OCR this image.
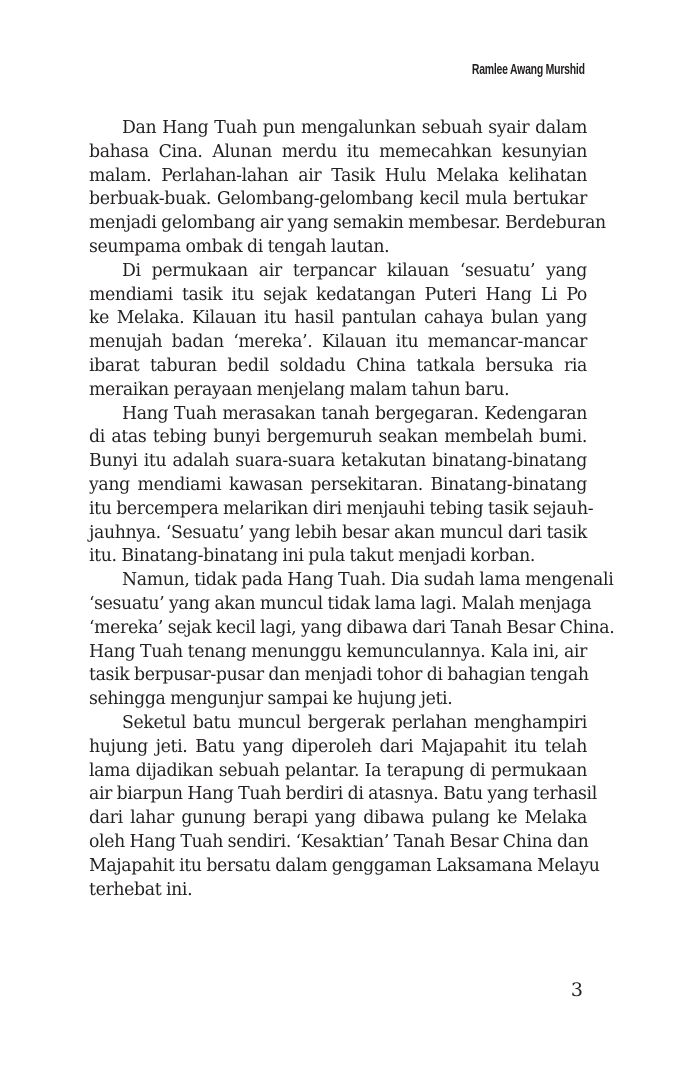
Ramlee Awang Murshid
Dan Hang Tuah pun mengalunkan sebuah syair dalam
bahasa Cina. Alunan merdu itu memecahkan kesunyian
malam. Perlahan-lahan air Tasik Hulu Melaka kelihatan
berbuak-buak. Gelombang-gelombang kecil mula bertukar
menjadi gelombang air yang semakin membesar. Berdeburan
seumpama ombak di tengah lautan.
Di permukaan air terpancar kilauan ‘sesuatu’ yang
mendiami tasik itu sejak kedatangan Puteri Hang Li Po
ke Melaka. Kilauan itu hasil pantulan cahaya bulan yang
menujah badan ‘mereka’. Kilauan itu memancar-mancar
ibarat taburan bedil soldadu China tatkala bersuka ria
meraikan perayaan menjelang malam tahun baru.
Hang Tuah merasakan tanah bergegaran. Kedengaran
di atas tebing bunyi bergemuruh seakan membelah bumi.
Bunyi itu adalah suara-suara ketakutan binatang-binatang
yang mendiami kawasan persekitaran. Binatang-binatang
itu bercempera melarikan diri menjauhi tebing tasik sejauh-
jauhnya. ‘Sesuatu’ yang lebih besar akan muncul dari tasik
itu. Binatang-binatang ini pula takut menjadi korban.
Namun, tidak pada Hang Tuah. Dia sudah lama mengenali
‘sesuatu’ yang akan muncul tidak lama lagi. Malah menjaga
‘mereka’ sejak kecil lagi, yang dibawa dari Tanah Besar China.
Hang Tuah tenang menunggu kemunculannya. Kala ini, air
tasik berpusar-pusar dan menjadi tohor di bahagian tengah
sehingga mengunjur sampai ke hujung jeti.
Seketul batu muncul bergerak perlahan menghampiri
hujung jeti. Batu yang diperoleh dari Majapahit itu telah
lama dijadikan sebuah pelantar. Ia terapung di permukaan
air biarpun Hang Tuah berdiri di atasnya. Batu yang terhasil
dari lahar gunung berapi yang dibawa pulang ke Melaka
oleh Hang Tuah sendiri. ‘Kesaktian’ Tanah Besar China dan
Majapahit itu bersatu dalam genggaman Laksamana Melayu
terhebat ini.
3
